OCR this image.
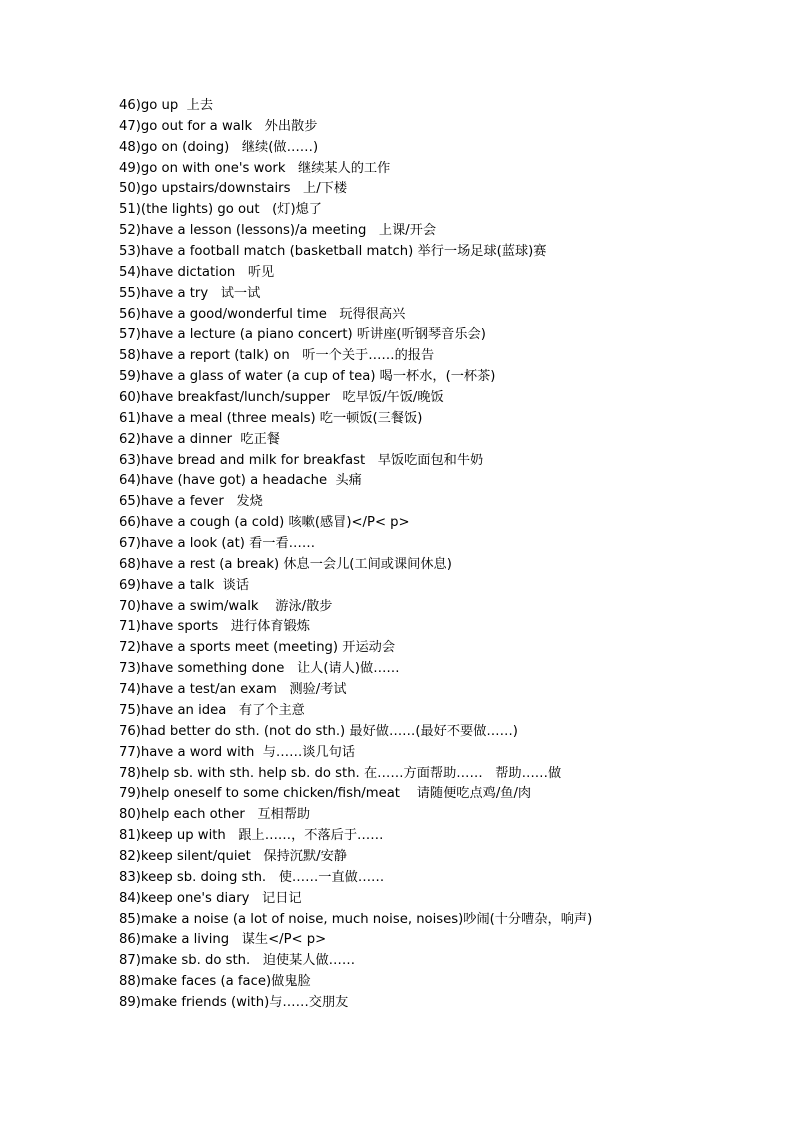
46)go up  上去
47)go out for a walk   外出散步
48)go on (doing)   继续(做……)
49)go on with one's work   继续某人的工作
50)go upstairs/downstairs   上/下楼
51)(the lights) go out   (灯)熄了
52)have a lesson (lessons)/a meeting   上课/开会
53)have a football match (basketball match) 举行一场足球(蓝球)赛
54)have dictation   听见
55)have a try   试一试
56)have a good/wonderful time   玩得很高兴
57)have a lecture (a piano concert) 听讲座(听钢琴音乐会)
58)have a report (talk) on   听一个关于……的报告
59)have a glass of water (a cup of tea) 喝一杯水，(一杯茶)
60)have breakfast/lunch/supper   吃早饭/午饭/晚饭
61)have a meal (three meals) 吃一顿饭(三餐饭)
62)have a dinner  吃正餐
63)have bread and milk for breakfast   早饭吃面包和牛奶
64)have (have got) a headache  头痛
65)have a fever   发烧
66)have a cough (a cold) 咳嗽(感冒)</P< p>
67)have a look (at) 看一看……
68)have a rest (a break) 休息一会儿(工间或课间休息)
69)have a talk  谈话
70)have a swim/walk    游泳/散步
71)have sports   进行体育锻炼
72)have a sports meet (meeting) 开运动会
73)have something done   让人(请人)做……
74)have a test/an exam   测验/考试
75)have an idea   有了个主意
76)had better do sth. (not do sth.) 最好做……(最好不要做……)
77)have a word with  与……谈几句话
78)help sb. with sth. help sb. do sth. 在……方面帮助……   帮助……做
79)help oneself to some chicken/fish/meat    请随便吃点鸡/鱼/肉
80)help each other   互相帮助
81)keep up with   跟上……，不落后于……
82)keep silent/quiet   保持沉默/安静
83)keep sb. doing sth.   使……一直做……
84)keep one's diary   记日记
85)make a noise (a lot of noise, much noise, noises)吵闹(十分嘈杂，响声)
86)make a living   谋生</P< p>
87)make sb. do sth.   迫使某人做……
88)make faces (a face)做鬼脸
89)make friends (with)与……交朋友
